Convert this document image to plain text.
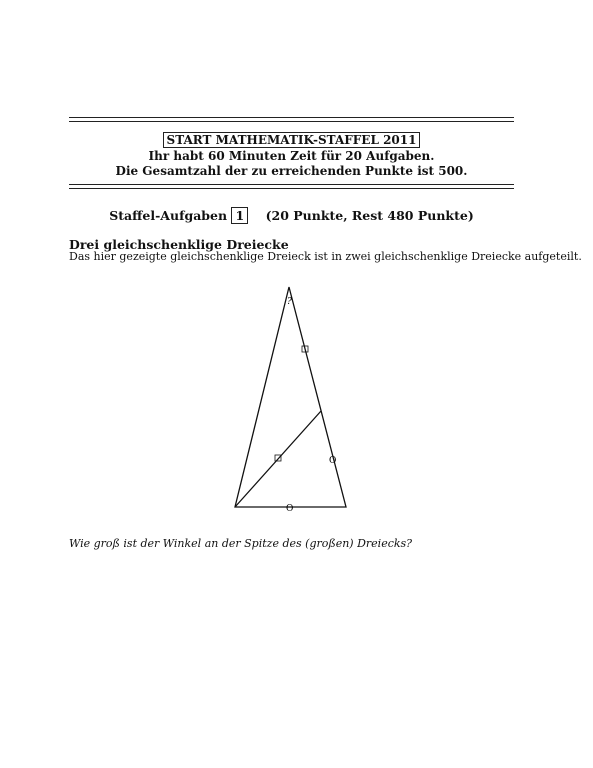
START MATHEMATIK-STAFFEL 2011
Ihr habt 60 Minuten Zeit für 20 Aufgaben.
Die Gesamtzahl der zu erreichenden Punkte ist 500.
Staffel-Aufgaben 1 (20 Punkte, Rest 480 Punkte)
Drei gleichschenklige Dreiecke
Das hier gezeigte gleichschenklige Dreieck ist in zwei gleichschenklige Dreiecke aufgeteilt.
?
O
O
Wie groß ist der Winkel an der Spitze des (großen) Dreiecks?
